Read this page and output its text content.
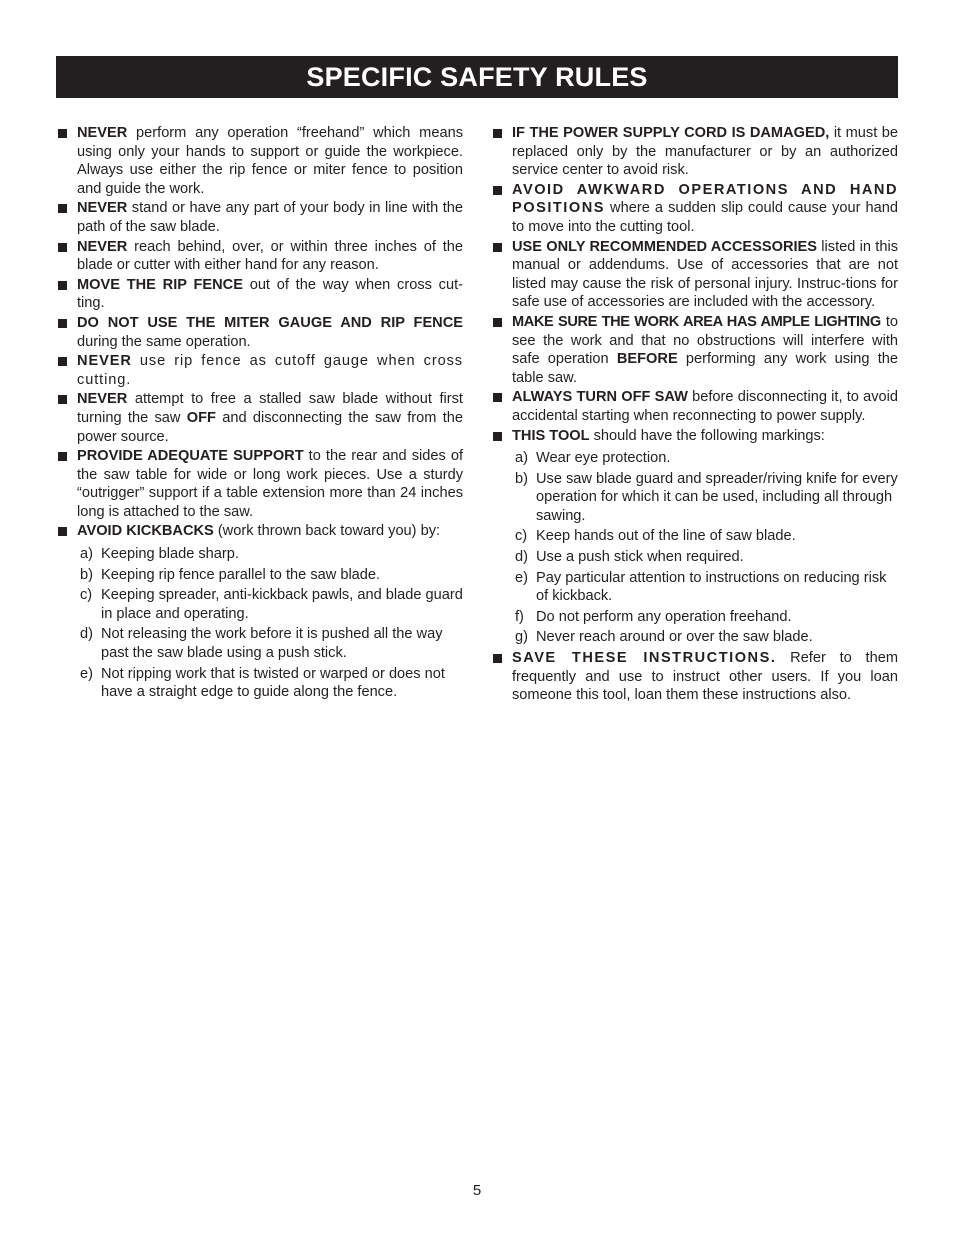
SPECIFIC SAFETY RULES
NEVER perform any operation “freehand” which means using only your hands to support or guide the workpiece. Always use either the rip fence or miter fence to position and guide the work.
NEVER stand or have any part of your body in line with the path of the saw blade.
NEVER reach behind, over, or within three inches of the blade or cutter with either hand for any reason.
MOVE THE RIP FENCE out of the way when cross cut-ting.
DO NOT USE THE MITER GAUGE AND RIP FENCE during the same operation.
NEVER use rip fence as cutoff gauge when cross cutting.
NEVER attempt to free a stalled saw blade without first turning the saw OFF and disconnecting the saw from the power source.
PROVIDE ADEQUATE SUPPORT to the rear and sides of the saw table for wide or long work pieces. Use a sturdy “outrigger” support if a table extension more than 24 inches long is attached to the saw.
AVOID KICKBACKS (work thrown back toward you) by:
a) Keeping blade sharp.
b) Keeping rip fence parallel to the saw blade.
c) Keeping spreader, anti-kickback pawls, and blade guard in place and operating.
d) Not releasing the work before it is pushed all the way past the saw blade using a push stick.
e) Not ripping work that is twisted or warped or does not have a straight edge to guide along the fence.
IF THE POWER SUPPLY CORD IS DAMAGED, it must be replaced only by the manufacturer or by an authorized service center to avoid risk.
AVOID AWKWARD OPERATIONS AND HAND POSITIONS where a sudden slip could cause your hand to move into the cutting tool.
USE ONLY RECOMMENDED ACCESSORIES listed in this manual or addendums. Use of accessories that are not listed may cause the risk of personal injury. Instruc-tions for safe use of accessories are included with the accessory.
MAKE SURE THE WORK AREA HAS AMPLE LIGHTING to see the work and that no obstructions will interfere with safe operation BEFORE performing any work using the table saw.
ALWAYS TURN OFF SAW before disconnecting it, to avoid accidental starting when reconnecting to power supply.
THIS TOOL should have the following markings:
a) Wear eye protection.
b) Use saw blade guard and spreader/riving knife for every operation for which it can be used, including all through sawing.
c) Keep hands out of the line of saw blade.
d) Use a push stick when required.
e) Pay particular attention to instructions on reducing risk of kickback.
f) Do not perform any operation freehand.
g) Never reach around or over the saw blade.
SAVE THESE INSTRUCTIONS. Refer to them frequently and use to instruct other users. If you loan someone this tool, loan them these instructions also.
5
